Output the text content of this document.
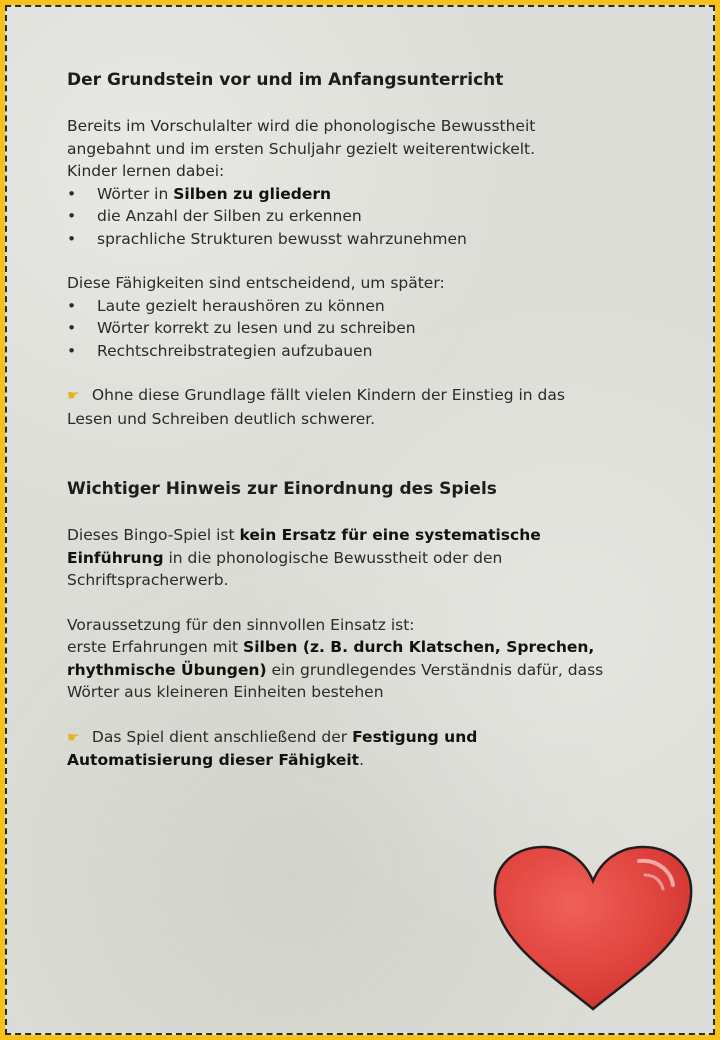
Der Grundstein vor und im Anfangsunterricht

Bereits im Vorschulalter wird die phonologische Bewusstheit

angebahnt und im ersten Schuljahr gezielt weiterentwickelt.

Kinder lernen dabei:

• Wörter in Silben zu gliedern
• die Anzahl der Silben zu erkennen
• sprachliche Strukturen bewusst wahrzunehmen

Diese Fähigkeiten sind entscheidend, um später:

• Laute gezielt heraushören zu können
• Wörter korrekt zu lesen und zu schreiben
• Rechtschreibstrategien aufzubauen

☛ Ohne diese Grundlage fällt vielen Kindern der Einstieg in das

Lesen und Schreiben deutlich schwerer.

Wichtiger Hinweis zur Einordnung des Spiels

Dieses Bingo-Spiel ist kein Ersatz für eine systematische
Einführung in die phonologische Bewusstheit oder den
Schriftspracherwerb.

Voraussetzung für den sinnvollen Einsatz ist:
erste Erfahrungen mit Silben (z. B. durch Klatschen, Sprechen,
rhythmische Übungen) ein grundlegendes Verständnis dafür, dass
Wörter aus kleineren Einheiten bestehen

☛ Das Spiel dient anschließend der Festigung und
Automatisierung dieser Fähigkeit.
